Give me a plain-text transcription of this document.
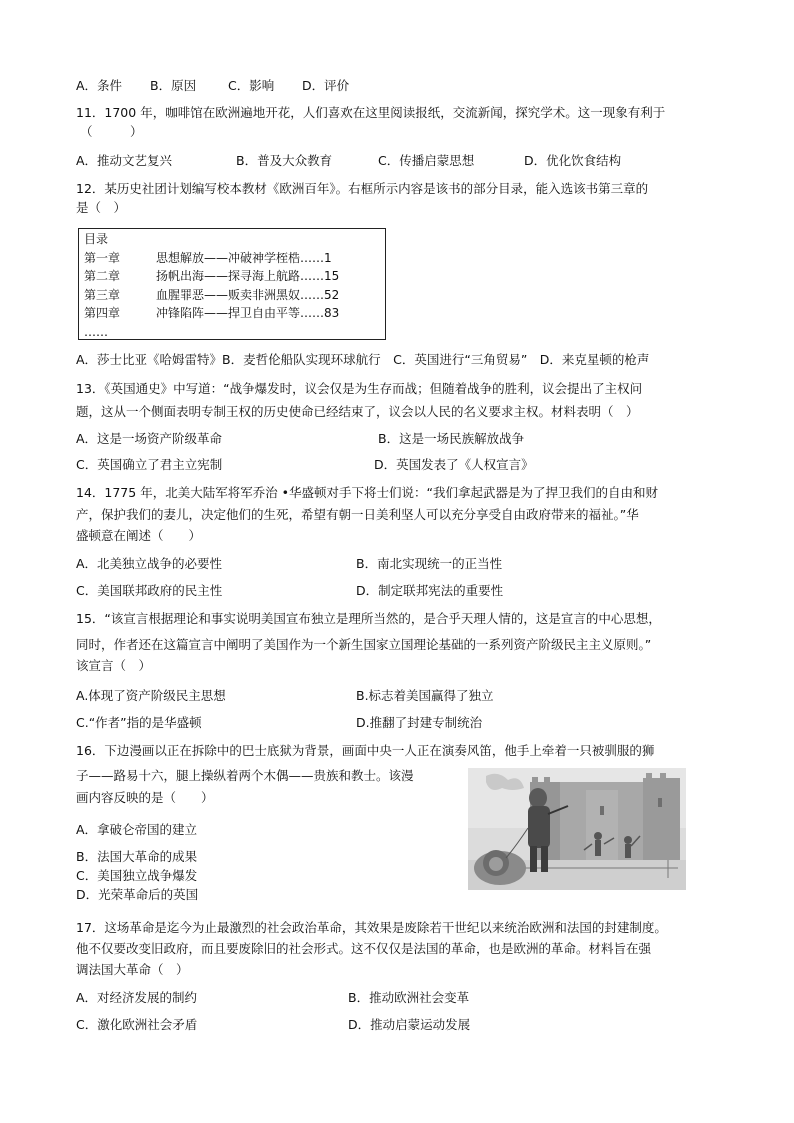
A．条件 B．原因	C．影响 D．评价
11．1700 年，咖啡馆在欧洲遍地开花，人们喜欢在这里阅读报纸，交流新闻，探究学术。这一现象有利于
（　　　）
A．推动文艺复兴	B．普及大众教育	C．传播启蒙思想	D．优化饮食结构
12．某历史社团计划编写校本教材《欧洲百年》。右框所示内容是该书的部分目录，能入选该书第三章的
是（　）
目录
第一章	思想解放——冲破神学桎梏……1
第二章	扬帆出海——探寻海上航路……15
第三章	血腥罪恶——贩卖非洲黑奴……52
第四章	冲锋陷阵——捍卫自由平等……83
……
A．莎士比亚《哈姆雷特》B．麦哲伦船队实现环球航行　C．英国进行“三角贸易”　D．来克星顿的枪声
13．《英国通史》中写道：“战争爆发时，议会仅是为生存而战；但随着战争的胜利，议会提出了主权问
题，这从一个侧面表明专制王权的历史使命已经结束了，议会以人民的名义要求主权。材料表明（　）
A．这是一场资产阶级革命	B．这是一场民族解放战争
C．英国确立了君主立宪制	D．英国发表了《人权宣言》
14．1775 年，北美大陆军将军乔治 •华盛顿对手下将士们说：“我们拿起武器是为了捍卫我们的自由和财
产，保护我们的妻儿，决定他们的生死，希望有朝一日美利坚人可以充分享受自由政府带来的福祉。”华
盛顿意在阐述（　　）
A．北美独立战争的必要性	B．南北实现统一的正当性
C．美国联邦政府的民主性	D．制定联邦宪法的重要性
15．“该宣言根据理论和事实说明美国宣布独立是理所当然的，是合乎天理人情的，这是宣言的中心思想，
同时，作者还在这篇宣言中阐明了美国作为一个新生国家立国理论基础的一系列资产阶级民主主义原则。”
该宣言（　）
A.体现了资产阶级民主思想	B.标志着美国赢得了独立
C.“作者”指的是华盛顿	D.推翻了封建专制统治
16．下边漫画以正在拆除中的巴士底狱为背景，画面中央一人正在演奏风笛，他手上牵着一只被驯服的狮
子——路易十六，腿上操纵着两个木偶——贵族和教士。该漫
画内容反映的是（　　）
A．拿破仑帝国的建立
B．法国大革命的成果
C．美国独立战争爆发
D．光荣革命后的英国
17．这场革命是迄今为止最激烈的社会政治革命，其效果是废除若干世纪以来统治欧洲和法国的封建制度。
他不仅要改变旧政府，而且要废除旧的社会形式。这不仅仅是法国的革命，也是欧洲的革命。材料旨在强
调法国大革命（　）
A．对经济发展的制约	B．推动欧洲社会变革
C．激化欧洲社会矛盾	D．推动启蒙运动发展
